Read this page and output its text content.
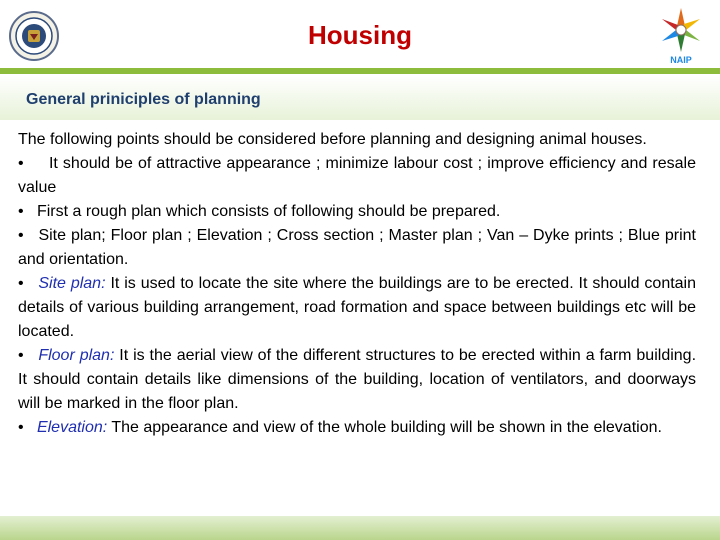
Housing
NAIP
General priniciples of planning

The following points should be considered before planning and designing animal houses.

•     It should be of attractive appearance ; minimize labour cost ; improve efficiency and resale value

•   First a rough plan which consists of following should be prepared.

•   Site plan; Floor plan ; Elevation ; Cross section ; Master plan ; Van – Dyke prints ; Blue print and orientation.

•   Site plan: It is used to locate the site where the buildings are to be erected. It should contain details of various building arrangement, road formation and space between buildings etc will be located.

•   Floor plan: It is the aerial view of the different structures to be erected within a farm building. It should contain details like dimensions of the building, location of ventilators, and doorways will be marked in the floor plan.

•   Elevation: The appearance and view of the whole building will be shown in the elevation.
